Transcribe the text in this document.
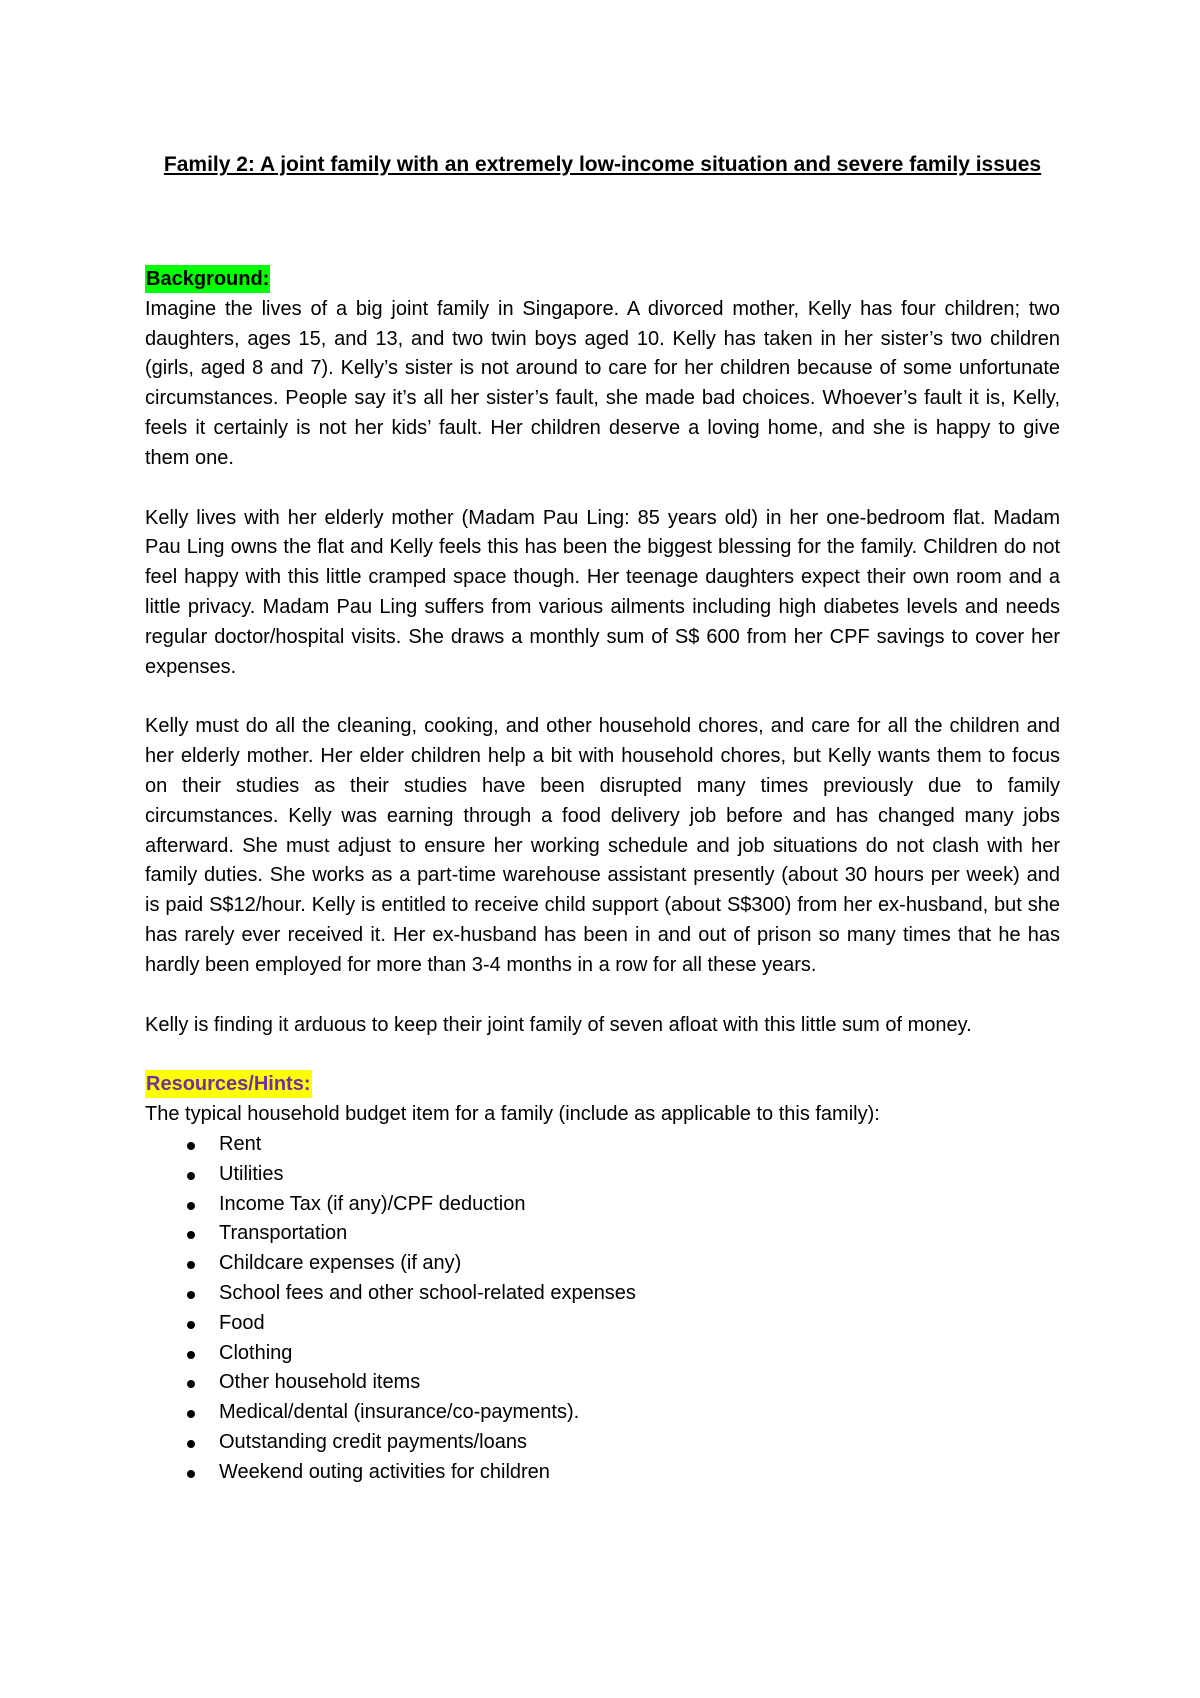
Family 2: A joint family with an extremely low-income situation and severe family issues
Background:

Imagine the lives of a big joint family in Singapore. A divorced mother, Kelly has four children; two daughters, ages 15, and 13, and two twin boys aged 10. Kelly has taken in her sister’s two children (girls, aged 8 and 7). Kelly’s sister is not around to care for her children because of some unfortunate circumstances. People say it’s all her sister’s fault, she made bad choices. Whoever’s fault it is, Kelly, feels it certainly is not her kids’ fault. Her children deserve a loving home, and she is happy to give them one.

Kelly lives with her elderly mother (Madam Pau Ling: 85 years old) in her one-bedroom flat. Madam Pau Ling owns the flat and Kelly feels this has been the biggest blessing for the family. Children do not feel happy with this little cramped space though. Her teenage daughters expect their own room and a little privacy. Madam Pau Ling suffers from various ailments including high diabetes levels and needs regular doctor/hospital visits. She draws a monthly sum of S$ 600 from her CPF savings to cover her expenses.

Kelly must do all the cleaning, cooking, and other household chores, and care for all the children and her elderly mother. Her elder children help a bit with household chores, but Kelly wants them to focus on their studies as their studies have been disrupted many times previously due to family circumstances. Kelly was earning through a food delivery job before and has changed many jobs afterward. She must adjust to ensure her working schedule and job situations do not clash with her family duties. She works as a part-time warehouse assistant presently (about 30 hours per week) and is paid S$12/hour. Kelly is entitled to receive child support (about S$300) from her ex-husband, but she has rarely ever received it. Her ex-husband has been in and out of prison so many times that he has hardly been employed for more than 3-4 months in a row for all these years.

Kelly is finding it arduous to keep their joint family of seven afloat with this little sum of money.

Resources/Hints:

The typical household budget item for a family (include as applicable to this family):

Rent
Utilities
Income Tax (if any)/CPF deduction
Transportation
Childcare expenses (if any)
School fees and other school-related expenses
Food
Clothing
Other household items
Medical/dental (insurance/co-payments).
Outstanding credit payments/loans
Weekend outing activities for children
